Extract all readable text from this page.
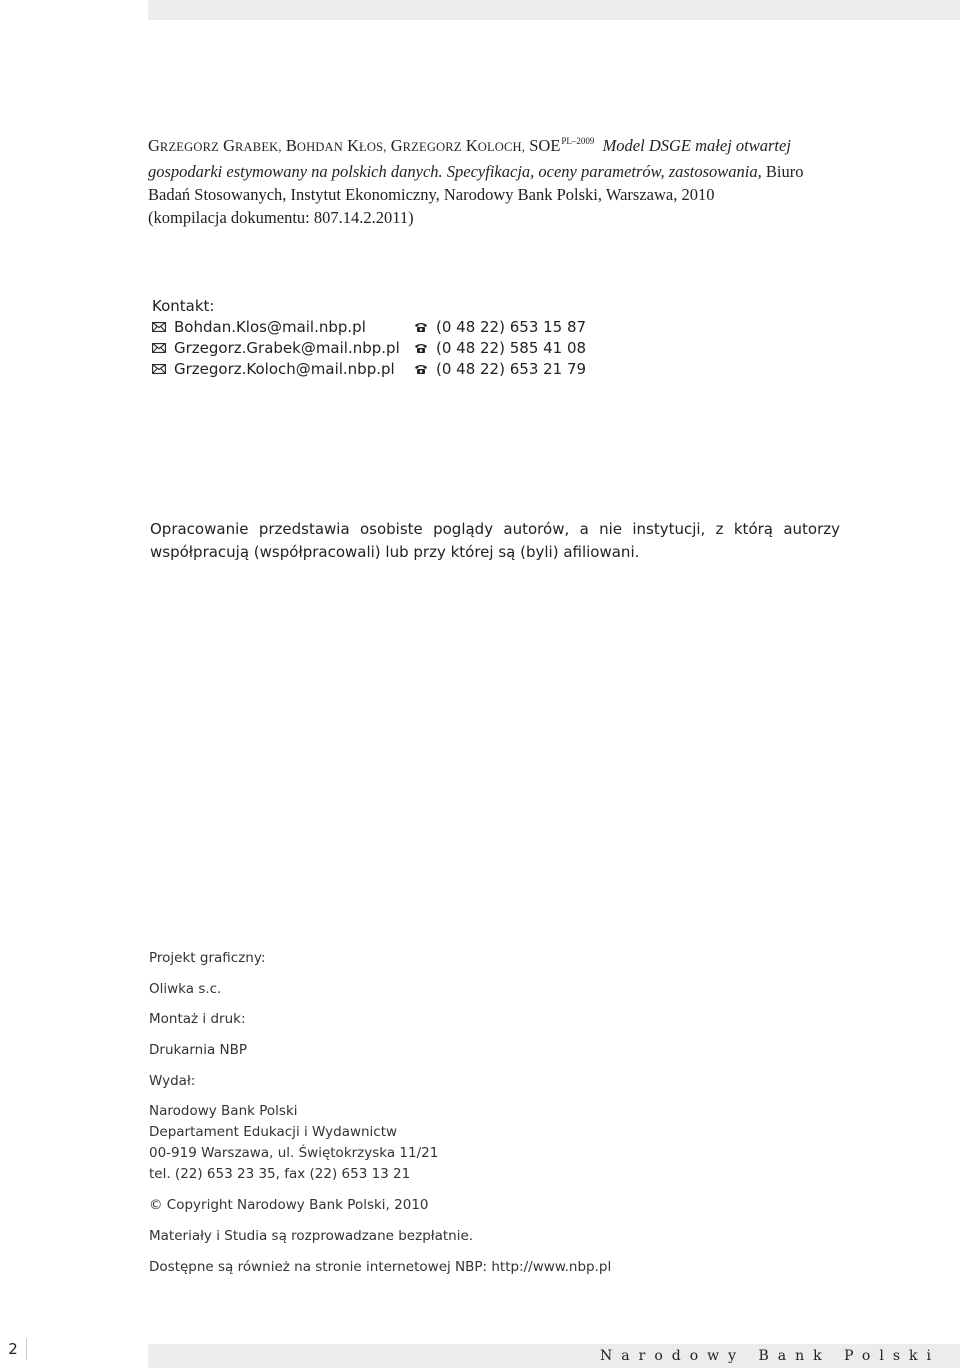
GRZEGORZ GRABEK, BOHDAN KŁOS, GRZEGORZ KOLOCH, $SOE^{PL-2009}$ Model DSGE małej otwartej gospodarki estymowany na polskich danych. Specyfikacja, oceny parametrów, zastosowania, Biuro Badań Stosowanych, Instytut Ekonomiczny, Narodowy Bank Polski, Warszawa, 2010
(kompilacja dokumentu: 807.14.2.2011)
Kontakt:
Bohdan.Klos@mail.nbp.pl	(0 48 22) 653 15 87
Grzegorz.Grabek@mail.nbp.pl	(0 48 22) 585 41 08
Grzegorz.Koloch@mail.nbp.pl	(0 48 22) 653 21 79
Opracowanie przedstawia osobiste poglądy autorów, a nie instytucji, z którą autorzy współpracują (współpracowali) lub przy której są (byli) afiliowani.
Projekt graficzny:
Oliwka s.c.
Montaż i druk:
Drukarnia NBP
Wydał:
Narodowy Bank Polski
Departament Edukacji i Wydawnictw
00-919 Warszawa, ul. Świętokrzyska 11/21
tel. (22) 653 23 35, fax (22) 653 13 21
© Copyright Narodowy Bank Polski, 2010
Materiały i Studia są rozprowadzane bezpłatnie.
Dostępne są również na stronie internetowej NBP: http://www.nbp.pl
2	Narodowy Bank Polski
